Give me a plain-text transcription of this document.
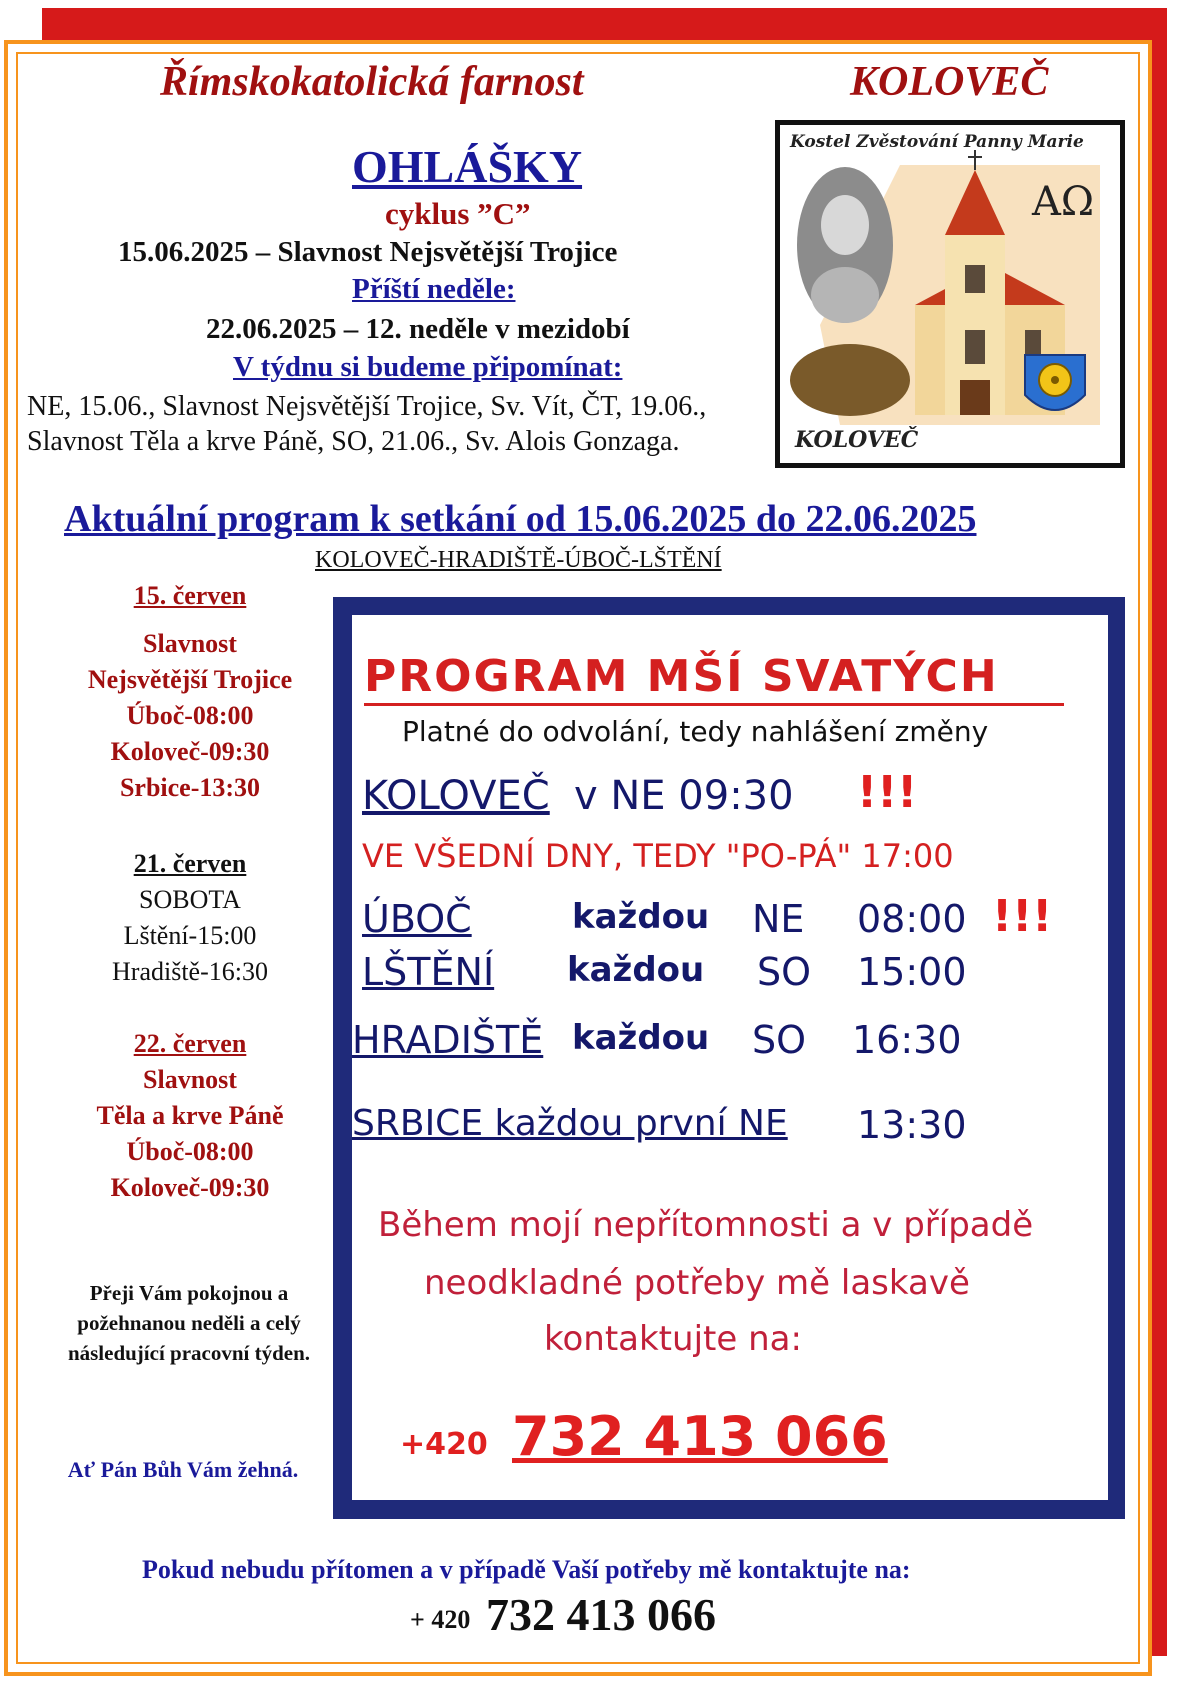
Římskokatolická farnost	KOLOVEČ
OHLÁŠKY
cyklus ”C”
15.06.2025 – Slavnost Nejsvětější Trojice
Příští neděle:
22.06.2025 – 12. neděle v mezidobí
V týdnu si budeme připomínat:
NE, 15.06., Slavnost Nejsvětější Trojice, Sv. Vít, ČT, 19.06., Slavnost Těla a krve Páně, SO, 21.06., Sv. Alois Gonzaga.
AΩ
Kostel Zvěstování Panny Marie
KOLOVEČ
Aktuální program k setkání od 15.06.2025 do 22.06.2025
KOLOVEČ-HRADIŠTĚ-ÚBOČ-LŠTĚNÍ
15. červen
Slavnost
Nejsvětější Trojice
Úboč-08:00
Koloveč-09:30
Srbice-13:30
21. červen
SOBOTA
Lštění-15:00
Hradiště-16:30
22. červen
Slavnost
Těla a krve Páně
Úboč-08:00
Koloveč-09:30
Přeji Vám pokojnou a požehnanou neděli a celý následující pracovní týden.
Ať Pán Bůh Vám žehná.
PROGRAM MŠÍ SVATÝCH
Platné do odvolání, tedy nahlášení změny
KOLOVEČ v NE 09:30 !!!
VE VŠEDNÍ DNY, TEDY "PO-PÁ" 17:00
ÚBOČ	každou NE 08:00 !!!
LŠTĚNÍ každou SO 15:00
HRADIŠTĚ každou SO 16:30
SRBICE každou první NE 13:30
Během mojí nepřítomnosti a v případě
neodkladné potřeby mě laskavě
kontaktujte na:
+420 732 413 066
Pokud nebudu přítomen a v případě Vaší potřeby mě kontaktujte na:
+ 420 732 413 066
